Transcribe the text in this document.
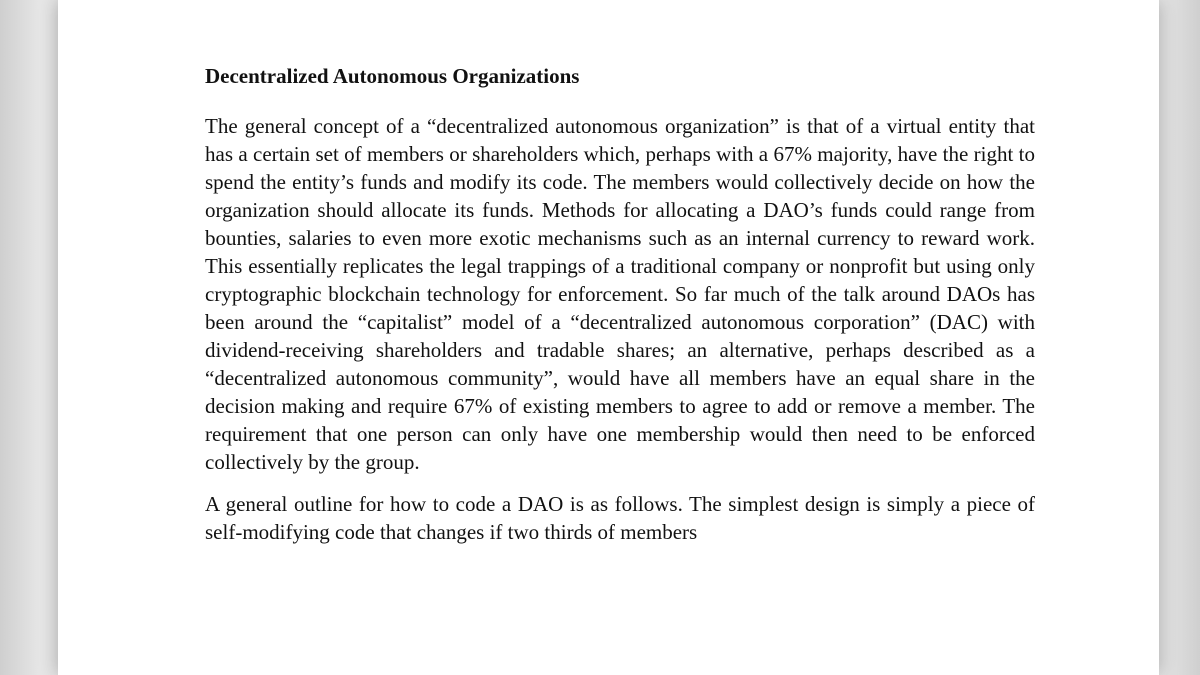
Decentralized Autonomous Organizations

The general concept of a “decentralized autonomous organization” is that of a virtual entity that has a certain set of members or shareholders which, perhaps with a 67% majority, have the right to spend the entity’s funds and modify its code. The members would collectively decide on how the organization should allocate its funds. Methods for allocating a DAO’s funds could range from bounties, salaries to even more exotic mechanisms such as an internal currency to reward work. This essentially replicates the legal trappings of a traditional company or nonprofit but using only cryptographic blockchain technology for enforcement. So far much of the talk around DAOs has been around the “capitalist” model of a “decentralized autonomous corporation” (DAC) with dividend-receiving shareholders and tradable shares; an alternative, perhaps described as a “decentralized autonomous community”, would have all members have an equal share in the decision making and require 67% of existing members to agree to add or remove a member. The requirement that one person can only have one membership would then need to be enforced collectively by the group.

A general outline for how to code a DAO is as follows. The simplest design is simply a piece of self-modifying code that changes if two thirds of members
